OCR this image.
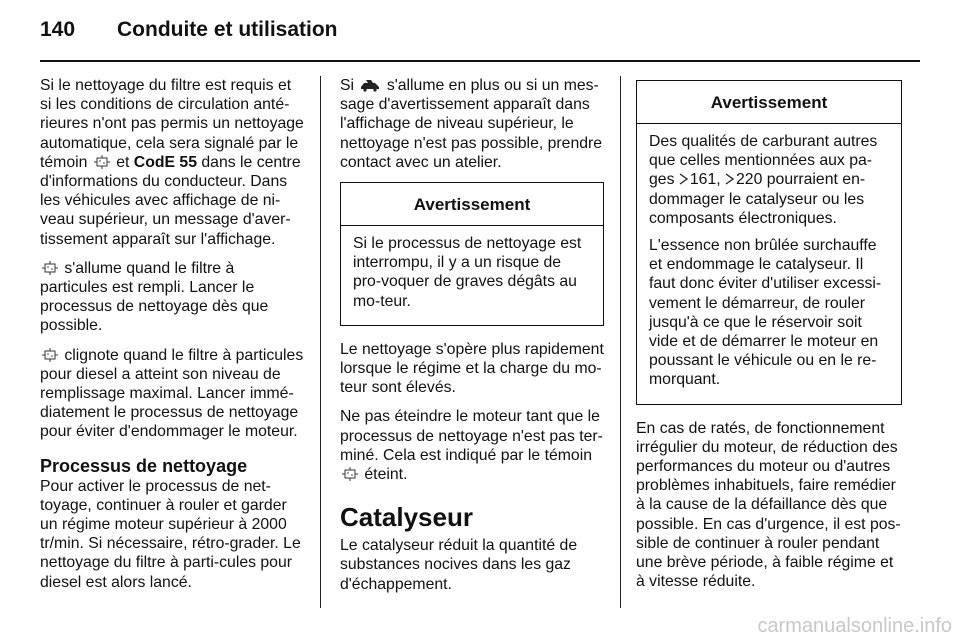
140 Conduite et utilisation

Si le nettoyage du filtre est requis et si les conditions de circulation anté-rieures n'ont pas permis un nettoyage automatique, cela sera signalé par le témoin et CodE 55 dans le centre d'informations du conducteur. Dans les véhicules avec affichage de ni-veau supérieur, un message d'aver-tissement apparaît sur l'affichage.

s'allume quand le filtre à particules est rempli. Lancer le processus de nettoyage dès que possible.

clignote quand le filtre à particules pour diesel a atteint son niveau de remplissage maximal. Lancer immé-diatement le processus de nettoyage pour éviter d'endommager le moteur.

Processus de nettoyage

Pour activer le processus de net-toyage, continuer à rouler et garder un régime moteur supérieur à 2000 tr/min. Si nécessaire, rétro-grader. Le nettoyage du filtre à parti-cules pour diesel est alors lancé.

Si s'allume en plus ou si un mes-sage d'avertissement apparaît dans l'affichage de niveau supérieur, le nettoyage n'est pas possible, prendre contact avec un atelier.

Avertissement

Si le processus de nettoyage est interrompu, il y a un risque de pro-voquer de graves dégâts au mo-teur.

Le nettoyage s'opère plus rapidement lorsque le régime et la charge du mo-teur sont élevés.

Ne pas éteindre le moteur tant que le processus de nettoyage n'est pas ter-miné. Cela est indiqué par le témoin  éteint.

Catalyseur

Le catalyseur réduit la quantité de substances nocives dans les gaz d'échappement.

Avertissement

Des qualités de carburant autres que celles mentionnées aux pa-ges 161, 220 pourraient en-dommager le catalyseur ou les composants électroniques.

L'essence non brûlée surchauffe et endommage le catalyseur. Il faut donc éviter d'utiliser excessi-vement le démarreur, de rouler jusqu'à ce que le réservoir soit vide et de démarrer le moteur en poussant le véhicule ou en le re-morquant.

En cas de ratés, de fonctionnement irrégulier du moteur, de réduction des performances du moteur ou d'autres problèmes inhabituels, faire remédier à la cause de la défaillance dès que possible. En cas d'urgence, il est pos-sible de continuer à rouler pendant une brève période, à faible régime et à vitesse réduite.

carmanualsonline.info
